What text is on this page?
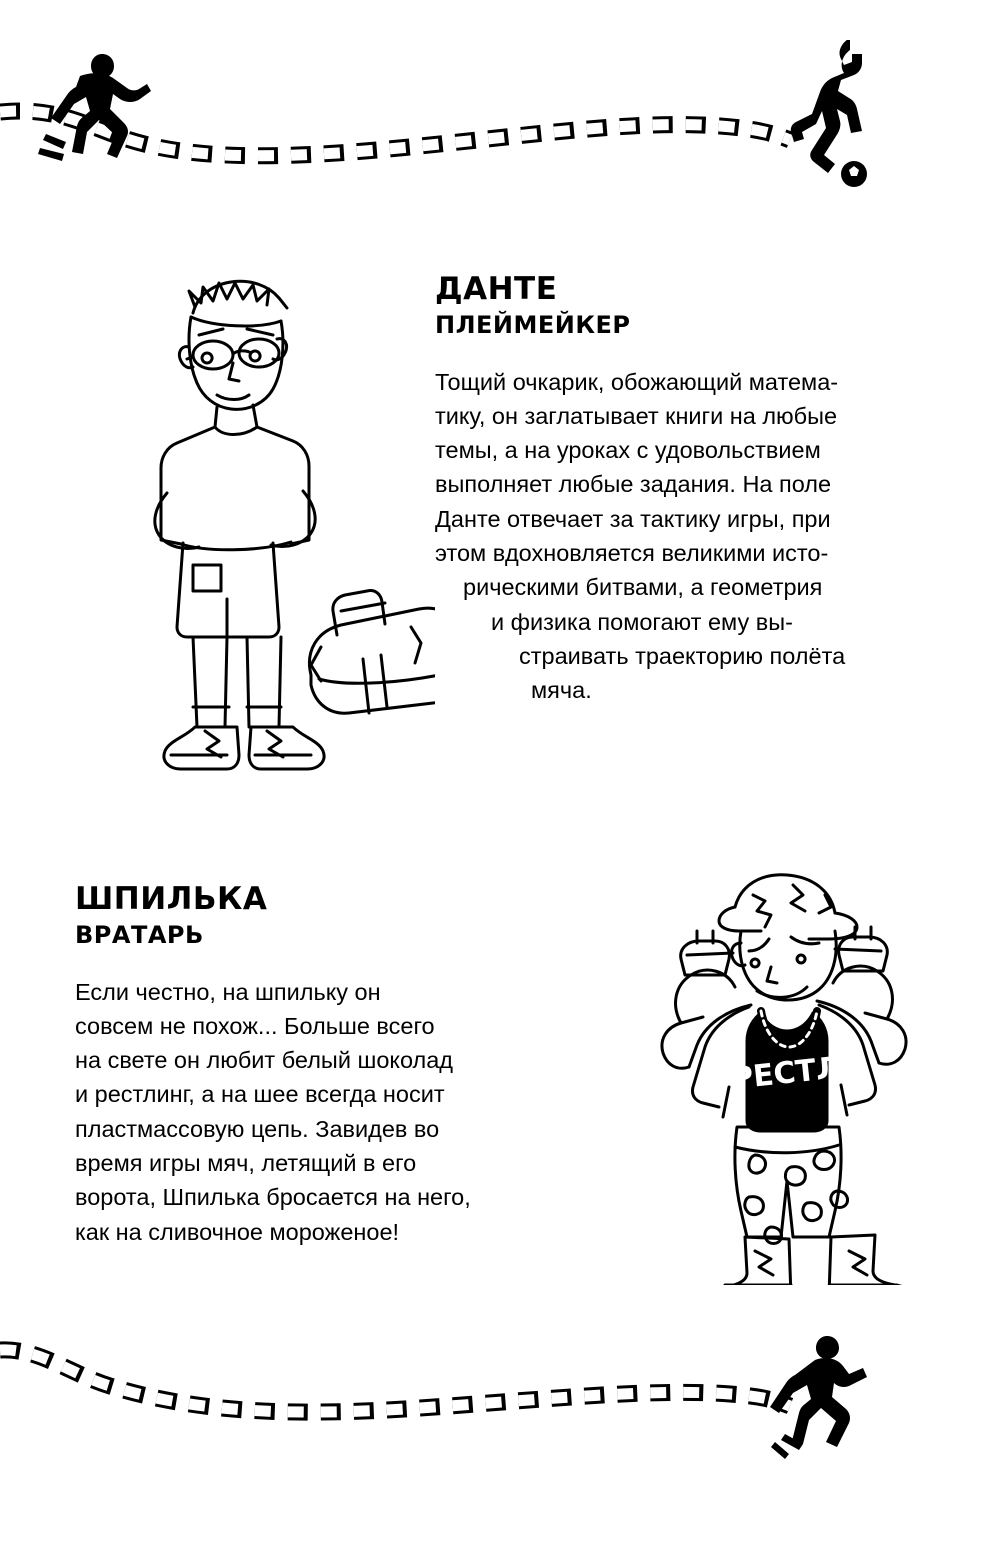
ДАНТЕ
ПЛЕЙМЕЙКЕР
Тощий очкарик, обожающий матема-
тику, он заглатывает книги на любые
темы, а на уроках с удовольствием
выполняет любые задания. На поле
Данте отвечает за тактику игры, при
этом вдохновляется великими исто-
рическими битвами, а геометрия
и физика помогают ему вы-
страивать траекторию полёта
мяча.
ШПИЛЬКА
ВРАТАРЬ
Если честно, на шпильку он
совсем не похож... Больше всего
на свете он любит белый шоколад
и рестлинг, а на шее всегда носит
пластмассовую цепь. Завидев во
время игры мяч, летящий в его
ворота, Шпилька бросается на него,
как на сливочное мороженое!
РЕСТЛ
